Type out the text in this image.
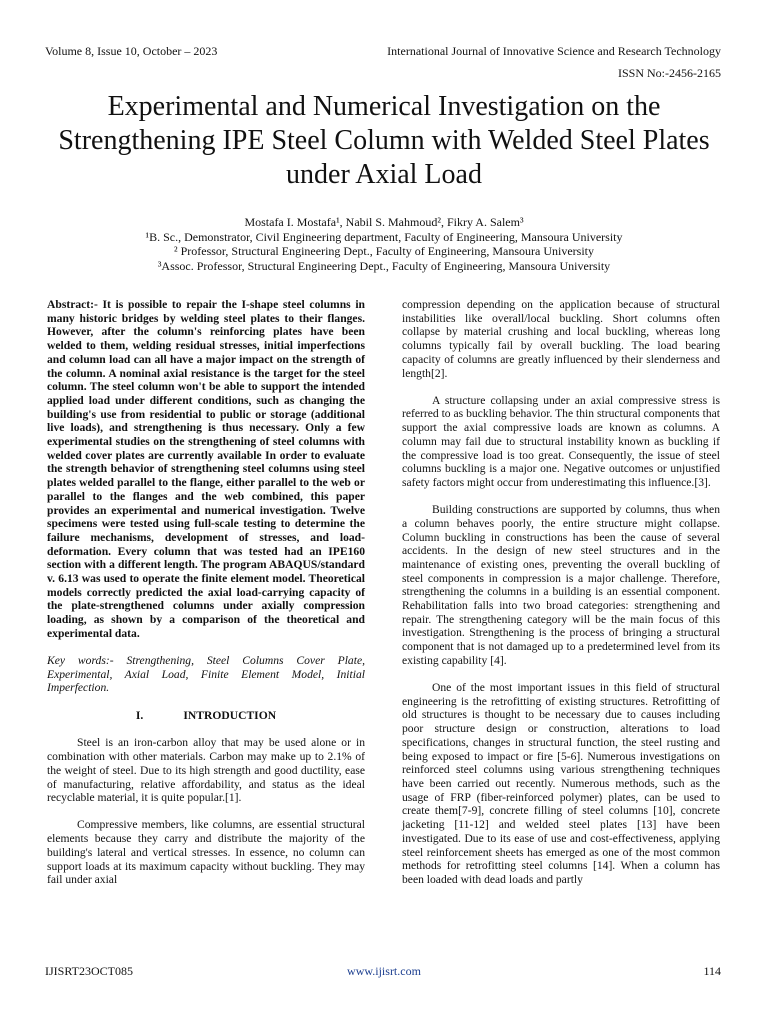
Volume 8, Issue 10, October – 2023	International Journal of Innovative Science and Research Technology
ISSN No:-2456-2165
Experimental and Numerical Investigation on the Strengthening IPE Steel Column with Welded Steel Plates under Axial Load
Mostafa I. Mostafa¹, Nabil S. Mahmoud², Fikry A. Salem³
¹B. Sc., Demonstrator, Civil Engineering department, Faculty of Engineering, Mansoura University
² Professor, Structural Engineering Dept., Faculty of Engineering, Mansoura University
³Assoc. Professor, Structural Engineering Dept., Faculty of Engineering, Mansoura University

Abstract:- It is possible to repair the I-shape steel columns in many historic bridges by welding steel plates to their flanges. However, after the column's reinforcing plates have been welded to them, welding residual stresses, initial imperfections and column load can all have a major impact on the strength of the column. A nominal axial resistance is the target for the steel column. The steel column won't be able to support the intended applied load under different conditions, such as changing the building's use from residential to public or storage (additional live loads), and strengthening is thus necessary. Only a few experimental studies on the strengthening of steel columns with welded cover plates are currently available In order to evaluate the strength behavior of strengthening steel columns using steel plates welded parallel to the flange, either parallel to the web or parallel to the flanges and the web combined, this paper provides an experimental and numerical investigation. Twelve specimens were tested using full-scale testing to determine the failure mechanisms, development of stresses, and load-deformation. Every column that was tested had an IPE160 section with a different length. The program ABAQUS/standard v. 6.13 was used to operate the finite element model. Theoretical models correctly predicted the axial load-carrying capacity of the plate-strengthened columns under axially compression loading, as shown by a comparison of the theoretical and experimental data.

Key words:- Strengthening, Steel Columns Cover Plate, Experimental, Axial Load, Finite Element Model, Initial Imperfection.

I.	INTRODUCTION

Steel is an iron-carbon alloy that may be used alone or in combination with other materials. Carbon may make up to 2.1% of the weight of steel. Due to its high strength and good ductility, ease of manufacturing, relative affordability, and status as the ideal recyclable material, it is quite popular.[1].

Compressive members, like columns, are essential structural elements because they carry and distribute the majority of the building's lateral and vertical stresses. In essence, no column can support loads at its maximum capacity without buckling. They may fail under axial

compression depending on the application because of structural instabilities like overall/local buckling. Short columns often collapse by material crushing and local buckling, whereas long columns typically fail by overall buckling. The load bearing capacity of columns are greatly influenced by their slenderness and length[2].

A structure collapsing under an axial compressive stress is referred to as buckling behavior. The thin structural components that support the axial compressive loads are known as columns. A column may fail due to structural instability known as buckling if the compressive load is too great. Consequently, the issue of steel columns buckling is a major one. Negative outcomes or unjustified safety factors might occur from underestimating this influence.[3].

Building constructions are supported by columns, thus when a column behaves poorly, the entire structure might collapse. Column buckling in constructions has been the cause of several accidents. In the design of new steel structures and in the maintenance of existing ones, preventing the overall buckling of steel components in compression is a major challenge. Therefore, strengthening the columns in a building is an essential component. Rehabilitation falls into two broad categories: strengthening and repair. The strengthening category will be the main focus of this investigation. Strengthening is the process of bringing a structural component that is not damaged up to a predetermined level from its existing capability [4].

One of the most important issues in this field of structural engineering is the retrofitting of existing structures. Retrofitting of old structures is thought to be necessary due to causes including poor structure design or construction, alterations to load specifications, changes in structural function, the steel rusting and being exposed to impact or fire [5-6]. Numerous investigations on reinforced steel columns using various strengthening techniques have been carried out recently. Numerous methods, such as the usage of FRP (fiber-reinforced polymer) plates, can be used to create them[7-9], concrete filling of steel columns [10], concrete jacketing [11-12] and welded steel plates [13] have been investigated. Due to its ease of use and cost-effectiveness, applying steel reinforcement sheets has emerged as one of the most common methods for retrofitting steel columns [14]. When a column has been loaded with dead loads and partly

IJISRT23OCT085	www.ijisrt.com	114
